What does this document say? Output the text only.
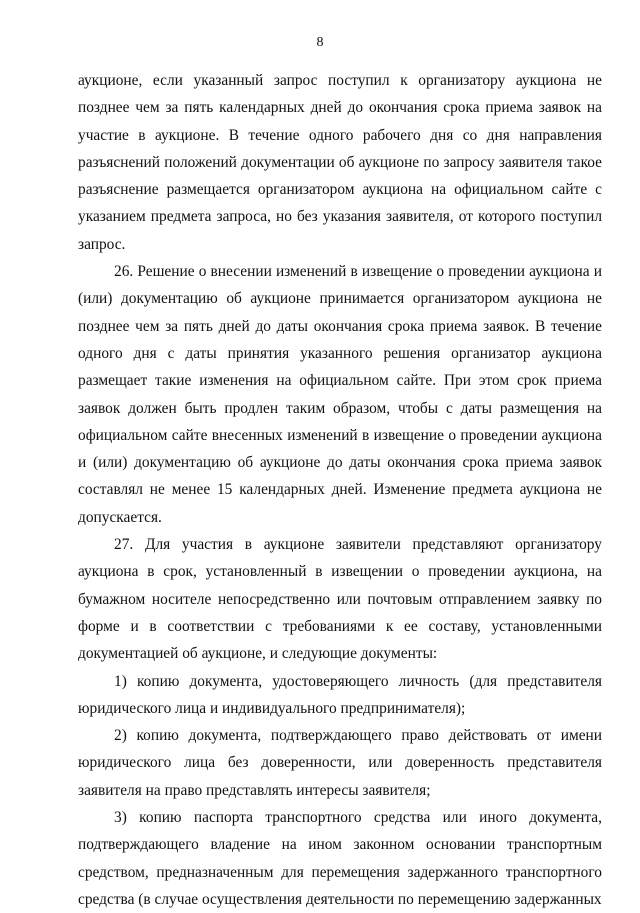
8

аукционе, если указанный запрос поступил к организатору аукциона не позднее чем за пять календарных дней до окончания срока приема заявок на участие в аукционе. В течение одного рабочего дня со дня направления разъяснений положений документации об аукционе по запросу заявителя такое разъяснение размещается организатором аукциона на официальном сайте с указанием предмета запроса, но без указания заявителя, от которого поступил запрос.

26. Решение о внесении изменений в извещение о проведении аукциона и (или) документацию об аукционе принимается организатором аукциона не позднее чем за пять дней до даты окончания срока приема заявок. В течение одного дня с даты принятия указанного решения организатор аукциона размещает такие изменения на официальном сайте. При этом срок приема заявок должен быть продлен таким образом, чтобы с даты размещения на официальном сайте внесенных изменений в извещение о проведении аукциона и (или) документацию об аукционе до даты окончания срока приема заявок составлял не менее 15 календарных дней. Изменение предмета аукциона не допускается.

27. Для участия в аукционе заявители представляют организатору аукциона в срок, установленный в извещении о проведении аукциона, на бумажном носителе непосредственно или почтовым отправлением заявку по форме и в соответствии с требованиями к ее составу, установленными документацией об аукционе, и следующие документы:

1) копию документа, удостоверяющего личность (для представителя юридического лица и индивидуального предпринимателя);

2) копию документа, подтверждающего право действовать от имени юридического лица без доверенности, или доверенность представителя заявителя на право представлять интересы заявителя;

3) копию паспорта транспортного средства или иного документа, подтверждающего владение на ином законном основании транспортным средством, предназначенным для перемещения задержанного транспортного средства (в случае осуществления деятельности по перемещению задержанных
